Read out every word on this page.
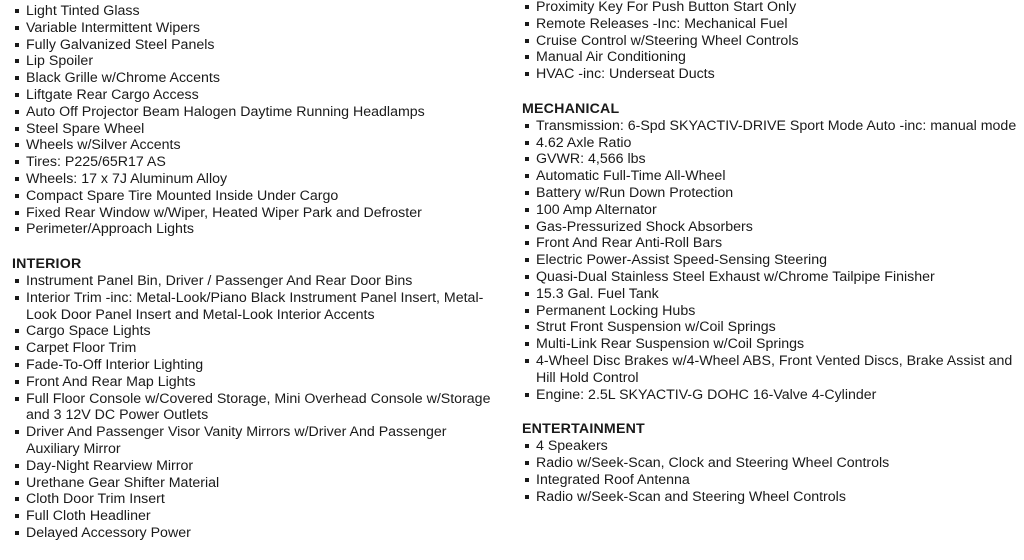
Light Tinted Glass
Variable Intermittent Wipers
Fully Galvanized Steel Panels
Lip Spoiler
Black Grille w/Chrome Accents
Liftgate Rear Cargo Access
Auto Off Projector Beam Halogen Daytime Running Headlamps
Steel Spare Wheel
Wheels w/Silver Accents
Tires: P225/65R17 AS
Wheels: 17 x 7J Aluminum Alloy
Compact Spare Tire Mounted Inside Under Cargo
Fixed Rear Window w/Wiper, Heated Wiper Park and Defroster
Perimeter/Approach Lights
INTERIOR
Instrument Panel Bin, Driver / Passenger And Rear Door Bins
Interior Trim -inc: Metal-Look/Piano Black Instrument Panel Insert, Metal-Look Door Panel Insert and Metal-Look Interior Accents
Cargo Space Lights
Carpet Floor Trim
Fade-To-Off Interior Lighting
Front And Rear Map Lights
Full Floor Console w/Covered Storage, Mini Overhead Console w/Storage and 3 12V DC Power Outlets
Driver And Passenger Visor Vanity Mirrors w/Driver And Passenger Auxiliary Mirror
Day-Night Rearview Mirror
Urethane Gear Shifter Material
Cloth Door Trim Insert
Full Cloth Headliner
Delayed Accessory Power
Proximity Key For Push Button Start Only
Remote Releases -Inc: Mechanical Fuel
Cruise Control w/Steering Wheel Controls
Manual Air Conditioning
HVAC -inc: Underseat Ducts
MECHANICAL
Transmission: 6-Spd SKYACTIV-DRIVE Sport Mode Auto -inc: manual mode
4.62 Axle Ratio
GVWR: 4,566 lbs
Automatic Full-Time All-Wheel
Battery w/Run Down Protection
100 Amp Alternator
Gas-Pressurized Shock Absorbers
Front And Rear Anti-Roll Bars
Electric Power-Assist Speed-Sensing Steering
Quasi-Dual Stainless Steel Exhaust w/Chrome Tailpipe Finisher
15.3 Gal. Fuel Tank
Permanent Locking Hubs
Strut Front Suspension w/Coil Springs
Multi-Link Rear Suspension w/Coil Springs
4-Wheel Disc Brakes w/4-Wheel ABS, Front Vented Discs, Brake Assist and Hill Hold Control
Engine: 2.5L SKYACTIV-G DOHC 16-Valve 4-Cylinder
ENTERTAINMENT
4 Speakers
Radio w/Seek-Scan, Clock and Steering Wheel Controls
Integrated Roof Antenna
Radio w/Seek-Scan and Steering Wheel Controls
